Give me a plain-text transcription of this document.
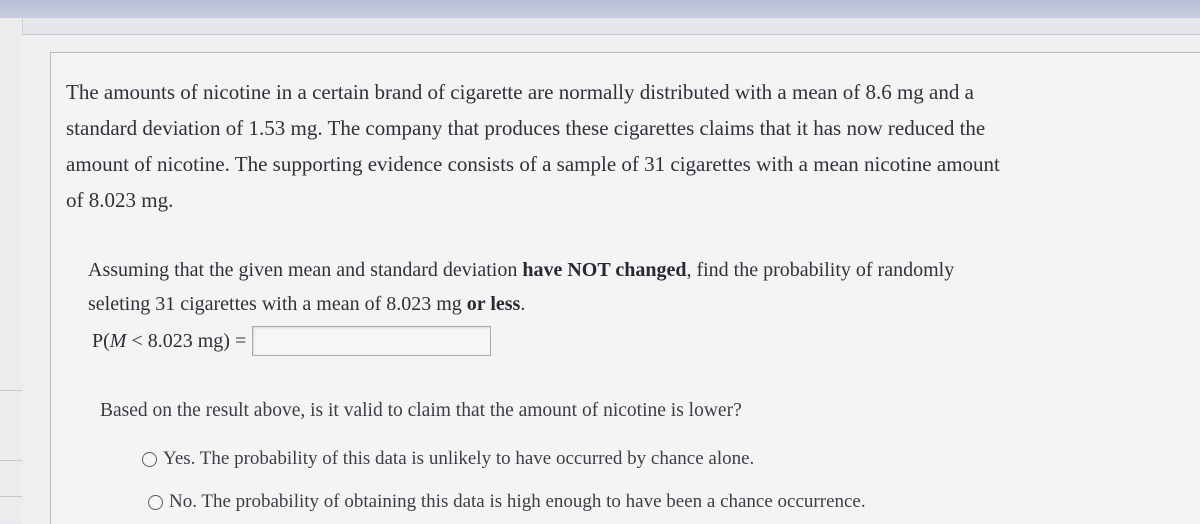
The amounts of nicotine in a certain brand of cigarette are normally distributed with a mean of 8.6 mg and a
standard deviation of 1.53 mg. The company that produces these cigarettes claims that it has now reduced the
amount of nicotine. The supporting evidence consists of a sample of 31 cigarettes with a mean nicotine amount
of 8.023 mg.
Assuming that the given mean and standard deviation have NOT changed, find the probability of randomly
seleting 31 cigarettes with a mean of 8.023 mg or less.
P(M < 8.023 mg) =
Based on the result above, is it valid to claim that the amount of nicotine is lower?
Yes. The probability of this data is unlikely to have occurred by chance alone.
No. The probability of obtaining this data is high enough to have been a chance occurrence.
